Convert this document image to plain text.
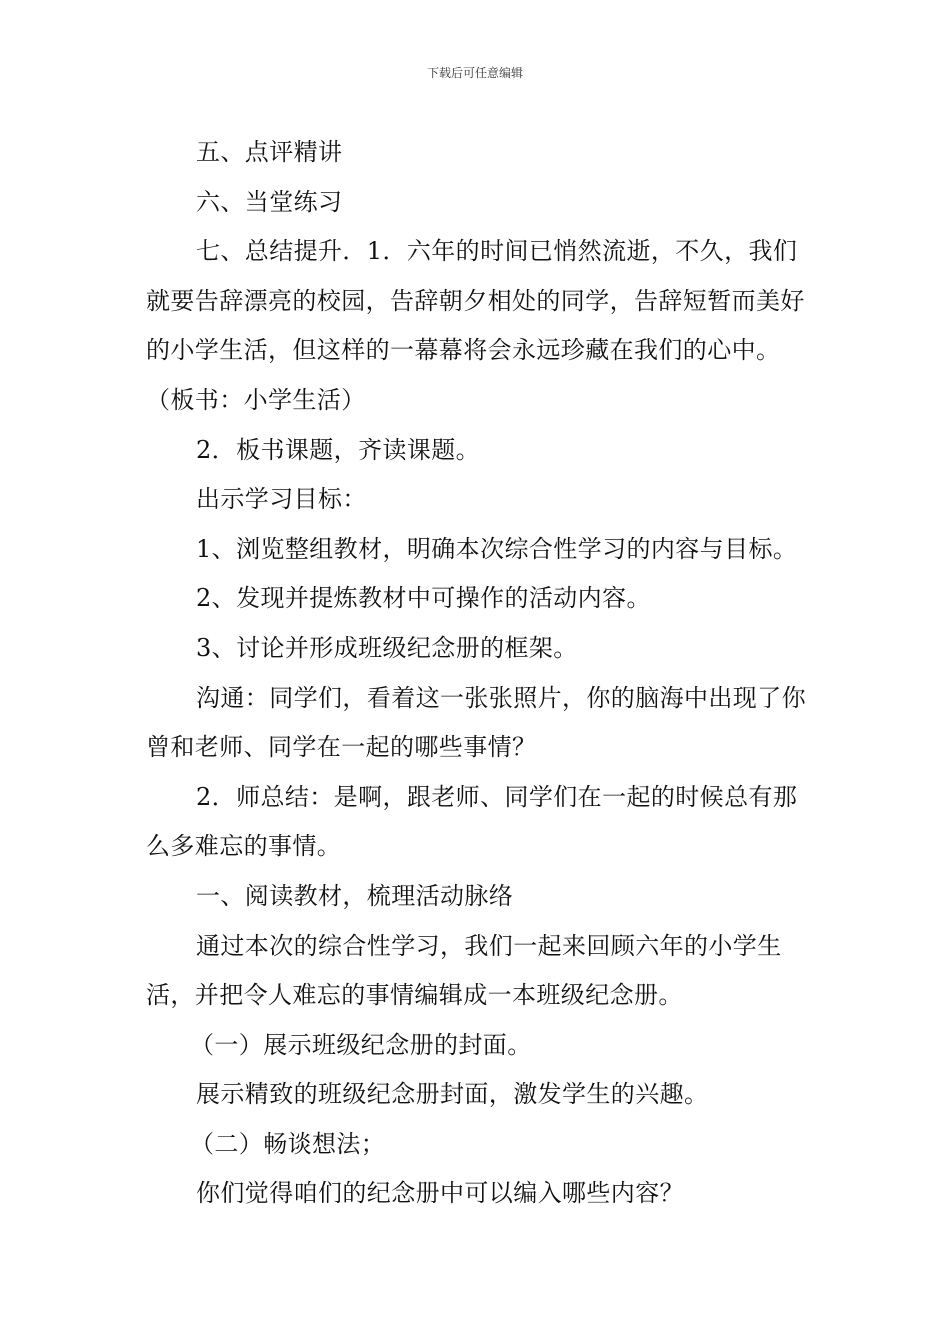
下载后可任意编辑

五、点评精讲

六、当堂练习

七、总结提升．1．六年的时间已悄然流逝，不久，我们就要告辞漂亮的校园，告辞朝夕相处的同学，告辞短暂而美好的小学生活，但这样的一幕幕将会永远珍藏在我们的心中。（板书：小学生活）

2．板书课题，齐读课题。

出示学习目标：

1、浏览整组教材，明确本次综合性学习的内容与目标。

2、发现并提炼教材中可操作的活动内容。

3、讨论并形成班级纪念册的框架。

沟通：同学们，看着这一张张照片，你的脑海中出现了你曾和老师、同学在一起的哪些事情？

2．师总结：是啊，跟老师、同学们在一起的时候总有那么多难忘的事情。

一、阅读教材，梳理活动脉络

通过本次的综合性学习，我们一起来回顾六年的小学生活，并把令人难忘的事情编辑成一本班级纪念册。

（一）展示班级纪念册的封面。

展示精致的班级纪念册封面，激发学生的兴趣。

（二）畅谈想法；

你们觉得咱们的纪念册中可以编入哪些内容？
